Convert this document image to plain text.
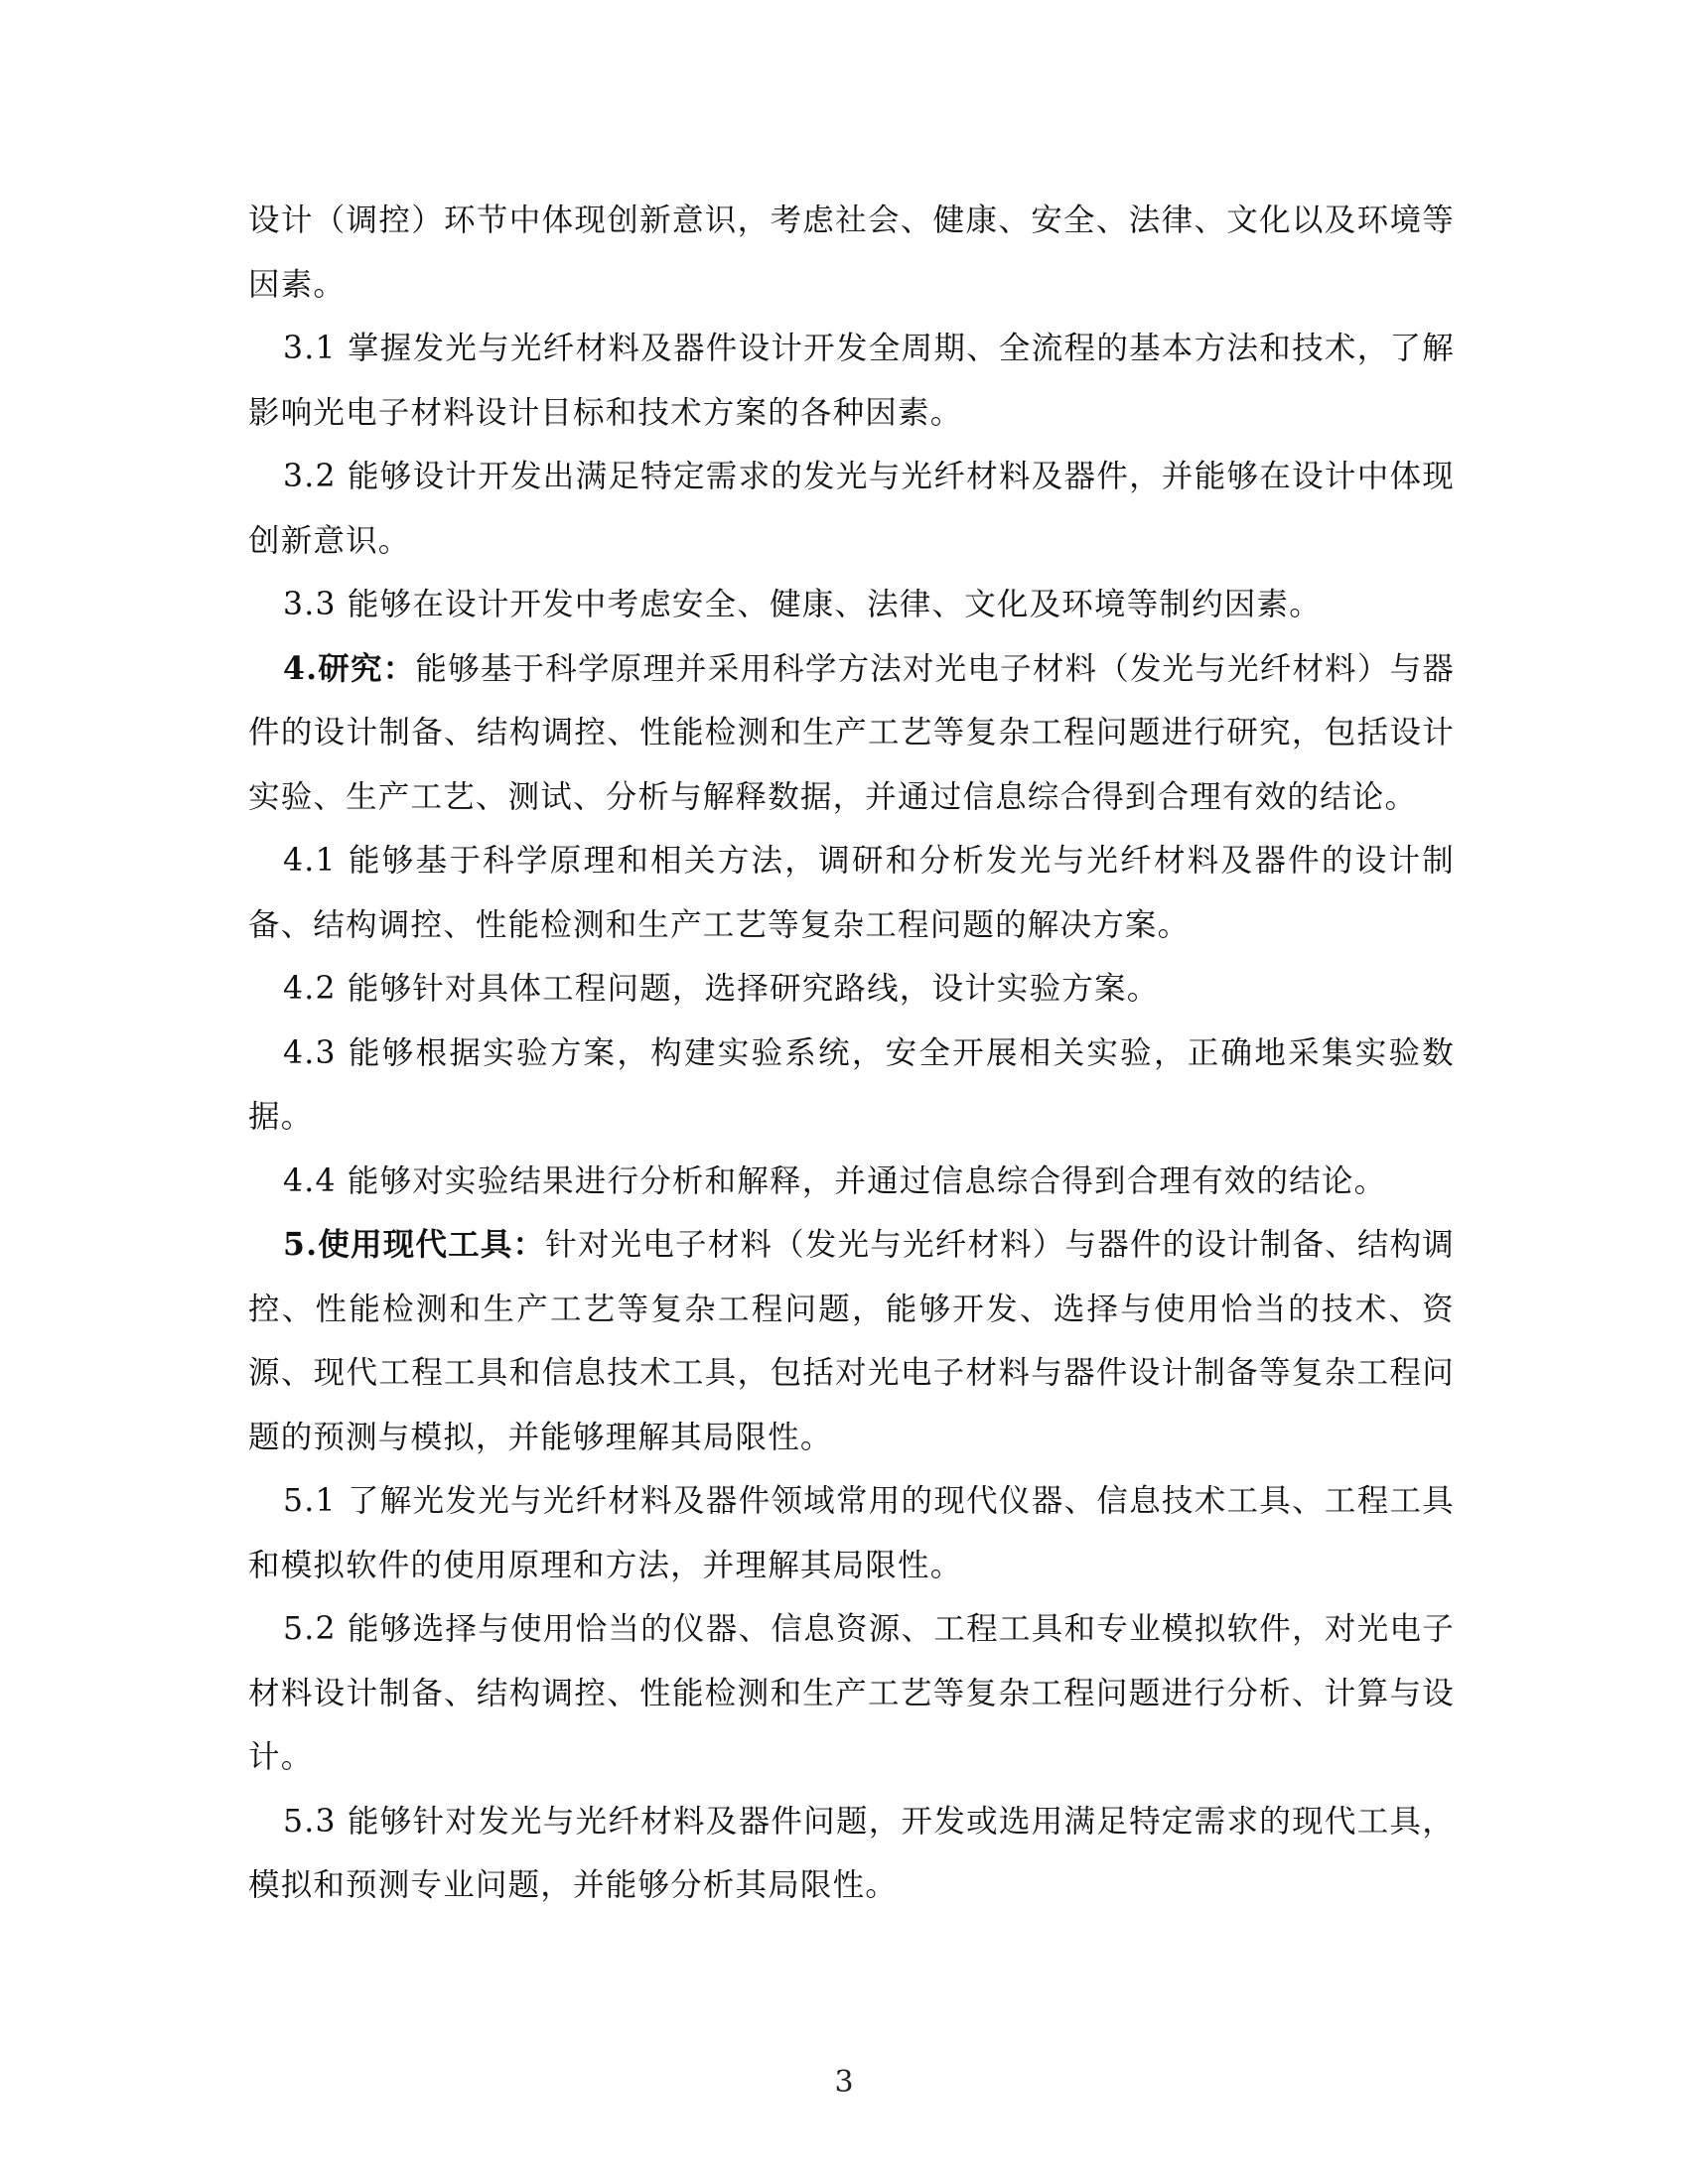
设计（调控）环节中体现创新意识，考虑社会、健康、安全、法律、文化以及环境等因素。

3.1 掌握发光与光纤材料及器件设计开发全周期、全流程的基本方法和技术，了解影响光电子材料设计目标和技术方案的各种因素。

3.2 能够设计开发出满足特定需求的发光与光纤材料及器件，并能够在设计中体现创新意识。

3.3 能够在设计开发中考虑安全、健康、法律、文化及环境等制约因素。

4.研究：能够基于科学原理并采用科学方法对光电子材料（发光与光纤材料）与器件的设计制备、结构调控、性能检测和生产工艺等复杂工程问题进行研究，包括设计实验、生产工艺、测试、分析与解释数据，并通过信息综合得到合理有效的结论。

4.1 能够基于科学原理和相关方法，调研和分析发光与光纤材料及器件的设计制备、结构调控、性能检测和生产工艺等复杂工程问题的解决方案。

4.2 能够针对具体工程问题，选择研究路线，设计实验方案。

4.3 能够根据实验方案，构建实验系统，安全开展相关实验，正确地采集实验数据。

4.4 能够对实验结果进行分析和解释，并通过信息综合得到合理有效的结论。

5.使用现代工具：针对光电子材料（发光与光纤材料）与器件的设计制备、结构调控、性能检测和生产工艺等复杂工程问题，能够开发、选择与使用恰当的技术、资源、现代工程工具和信息技术工具，包括对光电子材料与器件设计制备等复杂工程问题的预测与模拟，并能够理解其局限性。

5.1 了解光发光与光纤材料及器件领域常用的现代仪器、信息技术工具、工程工具和模拟软件的使用原理和方法，并理解其局限性。

5.2 能够选择与使用恰当的仪器、信息资源、工程工具和专业模拟软件，对光电子材料设计制备、结构调控、性能检测和生产工艺等复杂工程问题进行分析、计算与设计。

5.3 能够针对发光与光纤材料及器件问题，开发或选用满足特定需求的现代工具，模拟和预测专业问题，并能够分析其局限性。

3
